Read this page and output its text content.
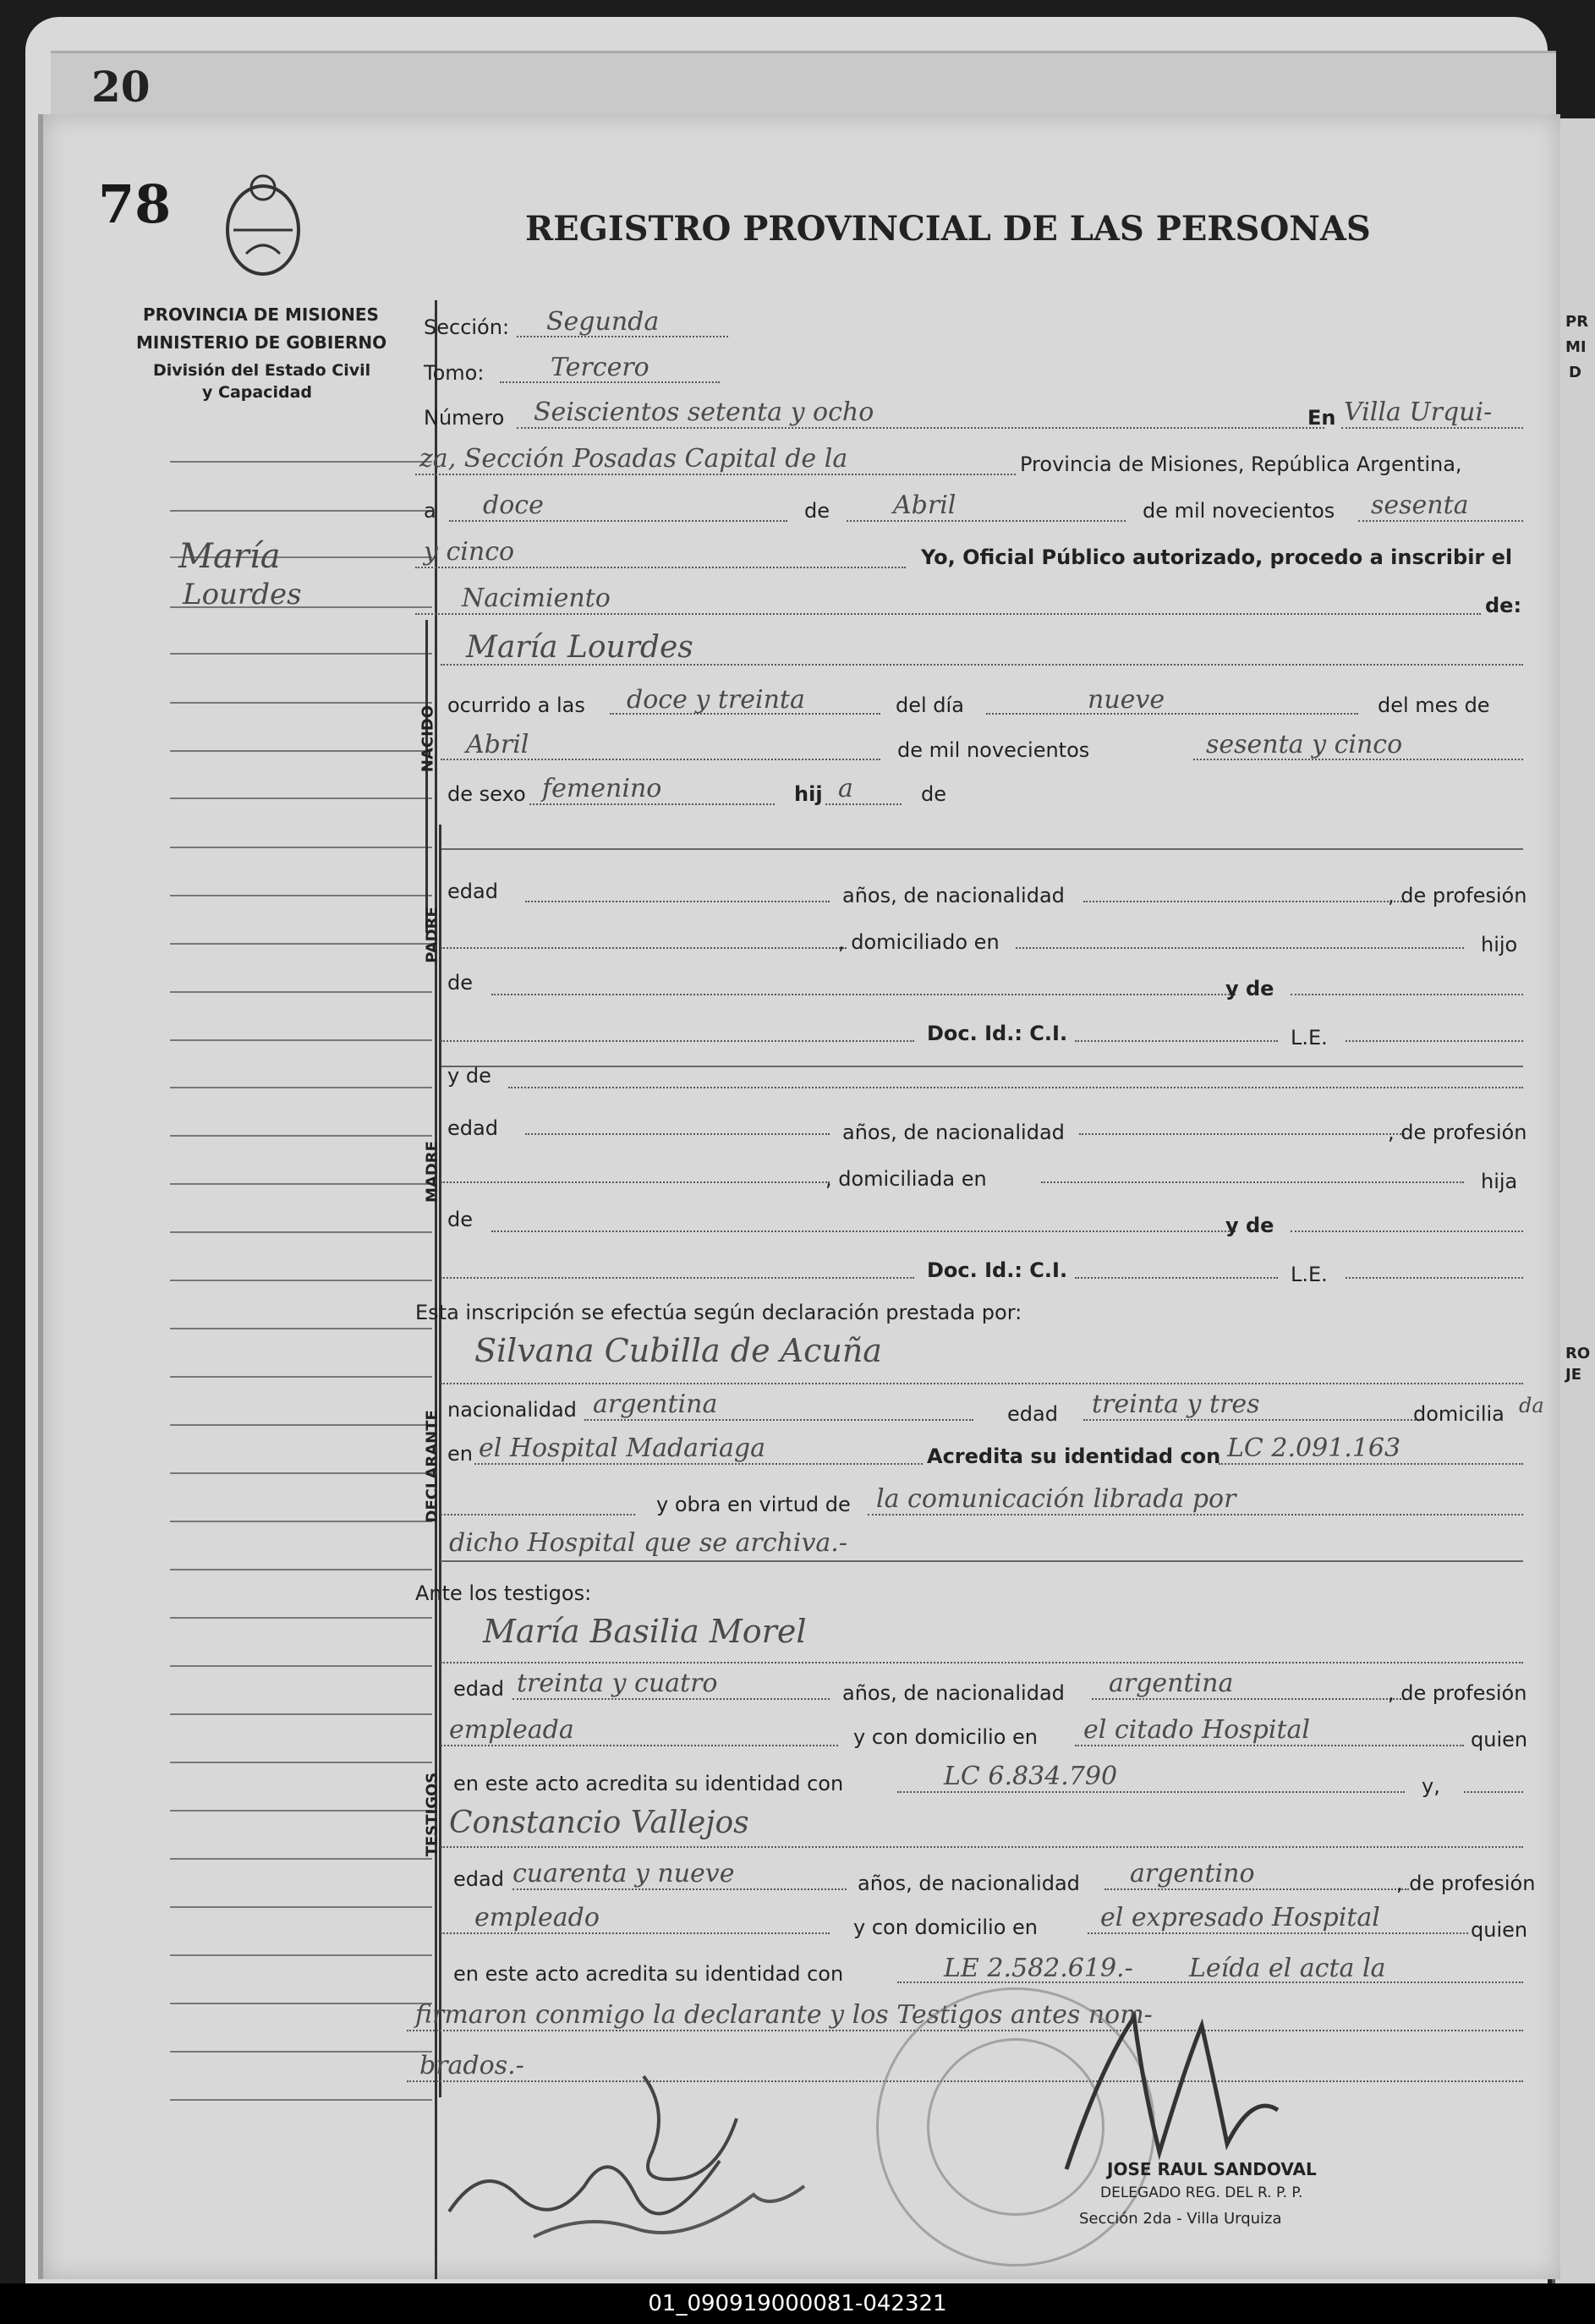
20
PR
MI
D
RO
JE
78	REGISTRO PROVINCIAL DE LAS PERSONAS
PROVINCIA DE MISIONES
MINISTERIO DE GOBIERNO
División del Estado Civil
y Capacidad
María
Lourdes
Sección: Segunda
Tomo:	Tercero
Número Seiscientos setenta y ocho	En Villa Urqui-
za, Sección Posadas Capital de la	Provincia de Misiones, República Argentina,
a doce	de	Abril	de mil novecientos sesenta
y cinco	Yo, Oficial Público autorizado, procedo a inscribir el
Nacimiento	de:
NACIDO
María Lourdes
ocurrido a las doce y treinta	del día	nueve	del mes de
Abril	de mil novecientos	sesenta y cinco
de sexo femenino	hij a	de
PADRE
edad	años, de nacionalidad	, de profesión
, domiciliado en	hijo
de	y de
Doc. Id.: C.I.	L.E.
MADRE
y de
edad	años, de nacionalidad	, de profesión
, domiciliada en	hija
de	y de
Doc. Id.: C.I.	L.E.
Esta inscripción se efectúa según declaración prestada por:
DECLARANTE
Silvana Cubilla de Acuña
nacionalidad argentina	edad treinta y tres	domicilia da
en el Hospital Madariaga	Acredita su identidad con LC 2.091.163
y obra en virtud de la comunicación librada por
dicho Hospital que se archiva.-
Ante los testigos:
TESTIGOS
María Basilia Morel
edad treinta y cuatro	años, de nacionalidad argentina	, de profesión
empleada	y con domicilio en el citado Hospital	quien
en este acto acredita su identidad con	LC 6.834.790	y,
Constancio Vallejos
edad cuarenta y nueve	años, de nacionalidad argentino	, de profesión
empleado	y con domicilio en el expresado Hospital	quien
en este acto acredita su identidad con	LE 2.582.619.- Leída el acta la
firmaron conmigo la declarante y los Testigos antes nom-
brados.-
JOSE RAUL SANDOVAL
DELEGADO REG. DEL R. P. P.
Sección 2da - Villa Urquiza
01_090919000081-042321
